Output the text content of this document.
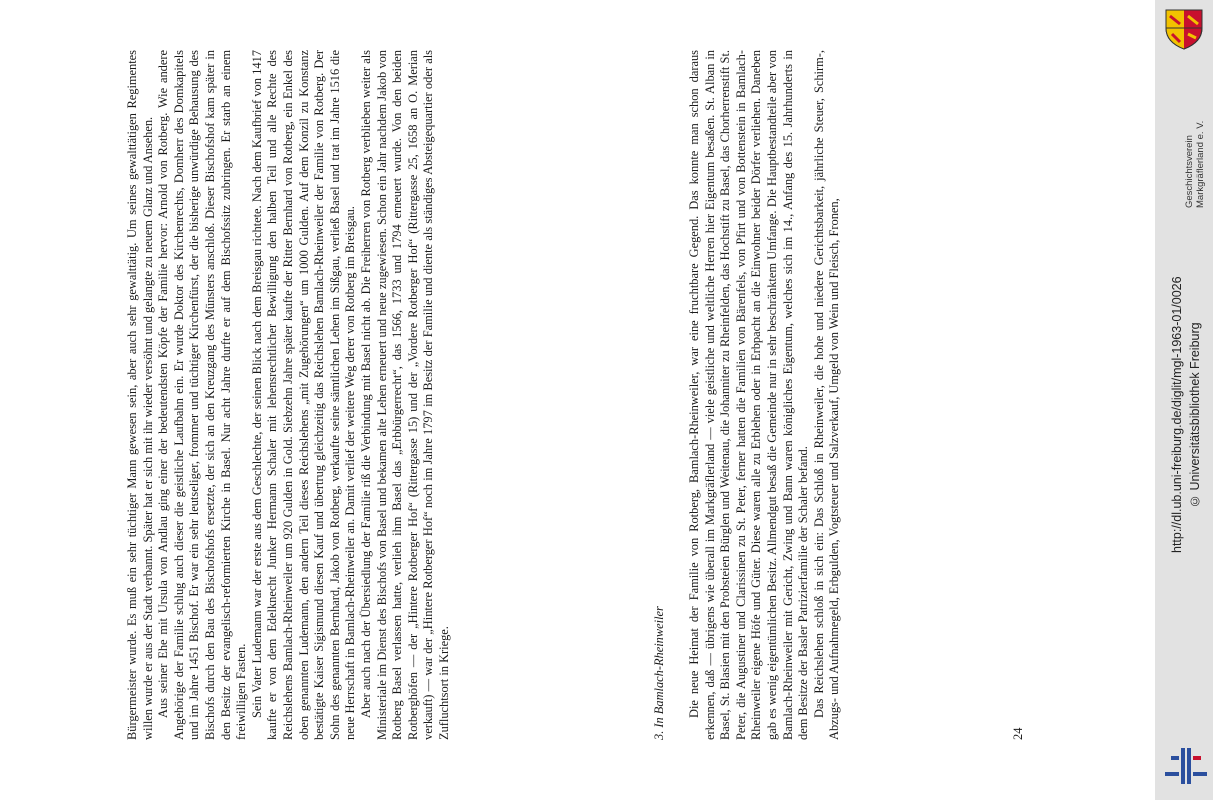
Bürgermeister wurde. Es muß ein sehr tüchtiger Mann gewesen sein, aber auch sehr gewalttätig. Um seines gewalttätigen Regimentes willen wurde er aus der Stadt verbannt. Später hat er sich mit ihr wieder versöhnt und gelangte zu neuem Glanz und Ansehen. Aus seiner Ehe mit Ursula von Andlau ging einer der bedeutendsten Köpfe der Familie hervor: Arnold von Rotberg. Wie andere Angehörige der Familie schlug auch dieser die geistliche Laufbahn ein. Er wurde Doktor des Kirchenrechts, Domherr des Domkapitels und im Jahre 1451 Bischof. Er war ein sehr leutseliger, frommer und tüchtiger Kirchenfürst, der die bisherige unwürdige Behausung des Bischofs durch den Bau des Bischofshofs ersetzte, der sich an den Kreuzgang des Münsters anschloß. Dieser Bischofshof kam später in den Besitz der evangelisch-reformierten Kirche in Basel. Nur acht Jahre durfte er auf dem Bischofssitz zubringen. Er starb an einem freiwilligen Fasten. Sein Vater Ludemann war der erste aus dem Geschlechte, der seinen Blick nach dem Breisgau richtete. Nach dem Kaufbrief von 1417 kaufte er von dem Edelknecht Junker Hermann Schaler mit lehensrechtlicher Bewilligung den halben Teil und alle Rechte des Reichslehens Bamlach-Rheinweiler um 920 Gulden in Gold. Siebzehn Jahre später kaufte der Ritter Bernhard von Rotberg, ein Enkel des oben genannten Ludemann, den andern Teil dieses Reichslehens „mit Zugehörungen“ um 1000 Gulden. Auf dem Konzil zu Konstanz bestätigte Kaiser Sigismund diesen Kauf und übertrug gleichzeitig das Reichslehen Bamlach-Rheinweiler der Familie von Rotberg. Der Sohn des genannten Bernhard, Jakob von Rotberg, verkaufte seine sämtlichen Lehen im Sißgau, verließ Basel und trat im Jahre 1516 die neue Herrschaft in Bamlach-Rheinweiler an. Damit verlief der weitere Weg derer von Rotberg im Breisgau. Aber auch nach der Übersiedlung der Familie riß die Verbindung mit Basel nicht ab. Die Freiherren von Rotberg verblieben weiter als Ministeriale im Dienst des Bischofs von Basel und bekamen alte Lehen erneuert und neue zugewiesen. Schon ein Jahr nachdem Jakob von Rotberg Basel verlassen hatte, verlieh ihm Basel das „Erbbürgerrecht“, das 1566, 1733 und 1794 erneuert wurde. Von den beiden Rotberghöfen — der „Hintere Rotberger Hof“ (Rittergasse 15) und der „Vordere Rotberger Hof“ (Rittergasse 25, 1658 an O. Merian verkauft) — war der „Hintere Rotberger Hof“ noch im Jahre 1797 im Besitz der Familie und diente als ständiges Absteigequartier oder als Zufluchtsort in Kriege.	3. In Bamlach-Rheinweiler Die neue Heimat der Familie von Rotberg, Bamlach-Rheinweiler, war eine fruchtbare Gegend. Das konnte man schon daraus erkennen, daß — übrigens wie überall im Markgräflerland — viele geistliche und weltliche Herren hier Eigentum besaßen. St. Alban in Basel, St. Blasien mit den Probsteien Bürglen und Weitenau, die Johanniter zu Rheinfelden, das Hochstift zu Basel, das Chorherrenstift St. Peter, die Augustiner und Clarissinen zu St. Peter, ferner hatten die Familien von Bärenfels, von Pfirt und von Bottenstein in Bamlach-Rheinweiler eigene Höfe und Güter. Diese waren alle zu Erblehen oder in Erbpacht an die Einwohner beider Dörfer verliehen. Daneben gab es wenig eigentümlichen Besitz. Allmendgut besaß die Gemeinde nur in sehr beschränktem Umfange. Die Hauptbestandteile aber von Bamlach-Rheinweiler mit Gericht, Zwing und Bann waren königliches Eigentum, welches sich im 14., Anfang des 15. Jahrhunderts in dem Besitze der Basler Patrizierfamilie der Schaler befand. Das Reichslehen schloß in sich ein: Das Schloß in Rheinweiler, die hohe und niedere Gerichtsbarkeit, jährliche Steuer, Schirm-, Abzugs- und Aufnahmegeld, Erbgulden, Vogtsteuer und Salzverkauf, Umgeld von Wein und Fleisch, Fronen,	24
Geschichtsverein
Markgräflerland e. V.
http://dl.ub.uni-freiburg.de/diglit/mgl-1963-01/0026 © Universitätsbibliothek Freiburg
